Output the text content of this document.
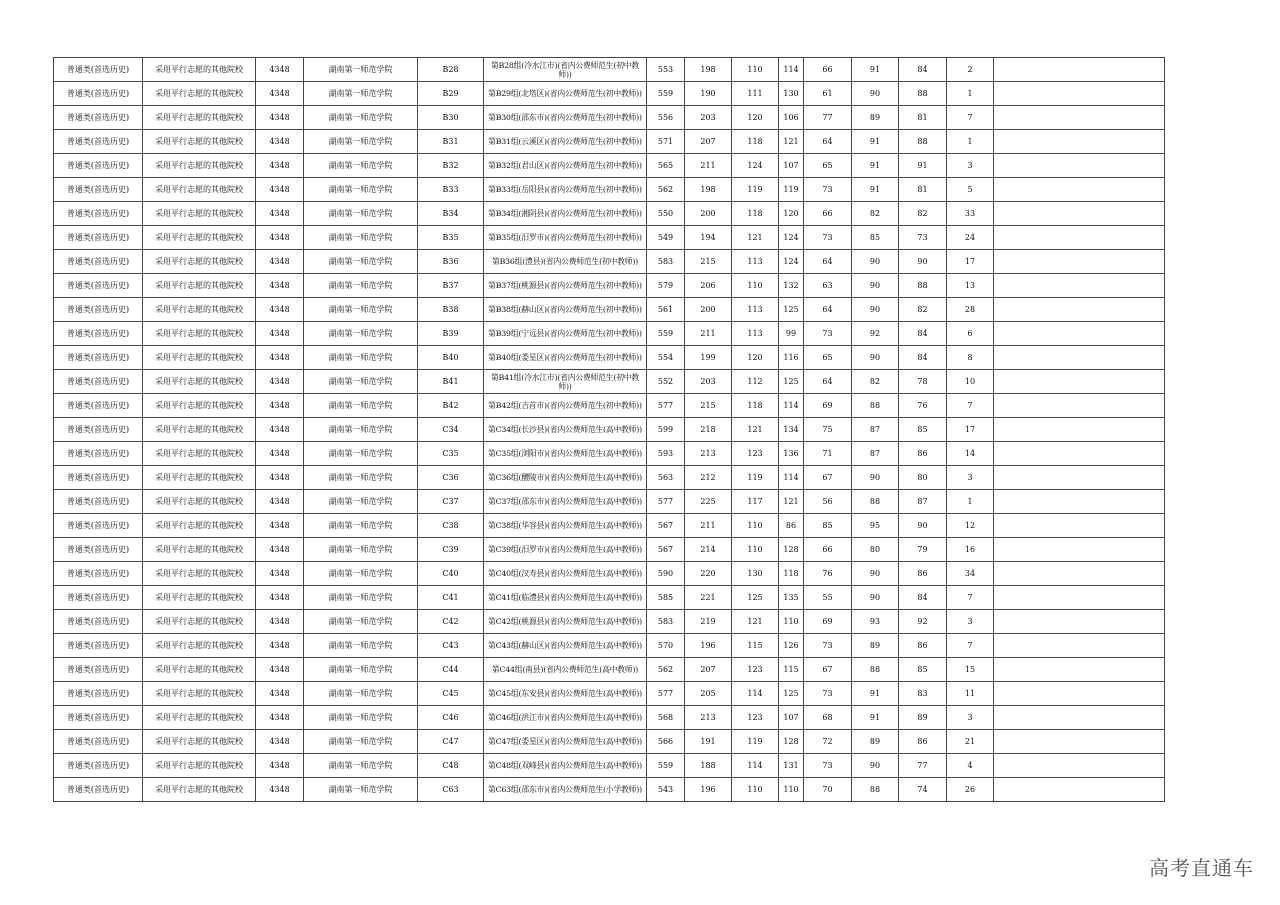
普通类(首选历史)	采用平行志愿的其他院校	4348	湖南第一师范学院	B28	第B28组(冷水江市)(省内公费师范生(初中教师))	553	198	110	114	66	91	84	2	
普通类(首选历史)	采用平行志愿的其他院校	4348	湖南第一师范学院	B29	第B29组(北塔区)(省内公费师范生(初中教师))	559	190	111	130	61	90	88	1	
普通类(首选历史)	采用平行志愿的其他院校	4348	湖南第一师范学院	B30	第B30组(邵东市)(省内公费师范生(初中教师))	556	203	120	106	77	89	81	7	
普通类(首选历史)	采用平行志愿的其他院校	4348	湖南第一师范学院	B31	第B31组(云溪区)(省内公费师范生(初中教师))	571	207	118	121	64	91	88	1	
普通类(首选历史)	采用平行志愿的其他院校	4348	湖南第一师范学院	B32	第B32组(君山区)(省内公费师范生(初中教师))	565	211	124	107	65	91	91	3	
普通类(首选历史)	采用平行志愿的其他院校	4348	湖南第一师范学院	B33	第B33组(岳阳县)(省内公费师范生(初中教师))	562	198	119	119	73	91	81	5	
普通类(首选历史)	采用平行志愿的其他院校	4348	湖南第一师范学院	B34	第B34组(湘阴县)(省内公费师范生(初中教师))	550	200	118	120	66	82	82	33	
普通类(首选历史)	采用平行志愿的其他院校	4348	湖南第一师范学院	B35	第B35组(汨罗市)(省内公费师范生(初中教师))	549	194	121	124	73	85	73	24	
普通类(首选历史)	采用平行志愿的其他院校	4348	湖南第一师范学院	B36	第B36组(澧县)(省内公费师范生(初中教师))	583	215	113	124	64	90	90	17	
普通类(首选历史)	采用平行志愿的其他院校	4348	湖南第一师范学院	B37	第B37组(桃源县)(省内公费师范生(初中教师))	579	206	110	132	63	90	88	13	
普通类(首选历史)	采用平行志愿的其他院校	4348	湖南第一师范学院	B38	第B38组(赫山区)(省内公费师范生(初中教师))	561	200	113	125	64	90	82	28	
普通类(首选历史)	采用平行志愿的其他院校	4348	湖南第一师范学院	B39	第B39组(宁远县)(省内公费师范生(初中教师))	559	211	113	99	73	92	84	6	
普通类(首选历史)	采用平行志愿的其他院校	4348	湖南第一师范学院	B40	第B40组(娄星区)(省内公费师范生(初中教师))	554	199	120	116	65	90	84	8	
普通类(首选历史)	采用平行志愿的其他院校	4348	湖南第一师范学院	B41	第B41组(冷水江市)(省内公费师范生(初中教师))	552	203	112	125	64	82	78	10	
普通类(首选历史)	采用平行志愿的其他院校	4348	湖南第一师范学院	B42	第B42组(吉首市)(省内公费师范生(初中教师))	577	215	118	114	69	88	76	7	
普通类(首选历史)	采用平行志愿的其他院校	4348	湖南第一师范学院	C34	第C34组(长沙县)(省内公费师范生(高中教师))	599	218	121	134	75	87	85	17	
普通类(首选历史)	采用平行志愿的其他院校	4348	湖南第一师范学院	C35	第C35组(浏阳市)(省内公费师范生(高中教师))	593	213	123	136	71	87	86	14	
普通类(首选历史)	采用平行志愿的其他院校	4348	湖南第一师范学院	C36	第C36组(醴陵市)(省内公费师范生(高中教师))	563	212	119	114	67	90	80	3	
普通类(首选历史)	采用平行志愿的其他院校	4348	湖南第一师范学院	C37	第C37组(邵东市)(省内公费师范生(高中教师))	577	225	117	121	56	88	87	1	
普通类(首选历史)	采用平行志愿的其他院校	4348	湖南第一师范学院	C38	第C38组(华容县)(省内公费师范生(高中教师))	567	211	110	86	85	95	90	12	
普通类(首选历史)	采用平行志愿的其他院校	4348	湖南第一师范学院	C39	第C39组(汨罗市)(省内公费师范生(高中教师))	567	214	110	128	66	80	79	16	
普通类(首选历史)	采用平行志愿的其他院校	4348	湖南第一师范学院	C40	第C40组(汉寿县)(省内公费师范生(高中教师))	590	220	130	118	76	90	86	34	
普通类(首选历史)	采用平行志愿的其他院校	4348	湖南第一师范学院	C41	第C41组(临澧县)(省内公费师范生(高中教师))	585	221	125	135	55	90	84	7	
普通类(首选历史)	采用平行志愿的其他院校	4348	湖南第一师范学院	C42	第C42组(桃源县)(省内公费师范生(高中教师))	583	219	121	110	69	93	92	3	
普通类(首选历史)	采用平行志愿的其他院校	4348	湖南第一师范学院	C43	第C43组(赫山区)(省内公费师范生(高中教师))	570	196	115	126	73	89	86	7	
普通类(首选历史)	采用平行志愿的其他院校	4348	湖南第一师范学院	C44	第C44组(南县)(省内公费师范生(高中教师))	562	207	123	115	67	88	85	15	
普通类(首选历史)	采用平行志愿的其他院校	4348	湖南第一师范学院	C45	第C45组(东安县)(省内公费师范生(高中教师))	577	205	114	125	73	91	83	11	
普通类(首选历史)	采用平行志愿的其他院校	4348	湖南第一师范学院	C46	第C46组(洪江市)(省内公费师范生(高中教师))	568	213	123	107	68	91	89	3	
普通类(首选历史)	采用平行志愿的其他院校	4348	湖南第一师范学院	C47	第C47组(娄星区)(省内公费师范生(高中教师))	566	191	119	128	72	89	86	21	
普通类(首选历史)	采用平行志愿的其他院校	4348	湖南第一师范学院	C48	第C48组(双峰县)(省内公费师范生(高中教师))	559	188	114	131	73	90	77	4	
普通类(首选历史)	采用平行志愿的其他院校	4348	湖南第一师范学院	C63	第C63组(邵东市)(省内公费师范生(小学教师))	543	196	110	110	70	88	74	26	
高考直通车
